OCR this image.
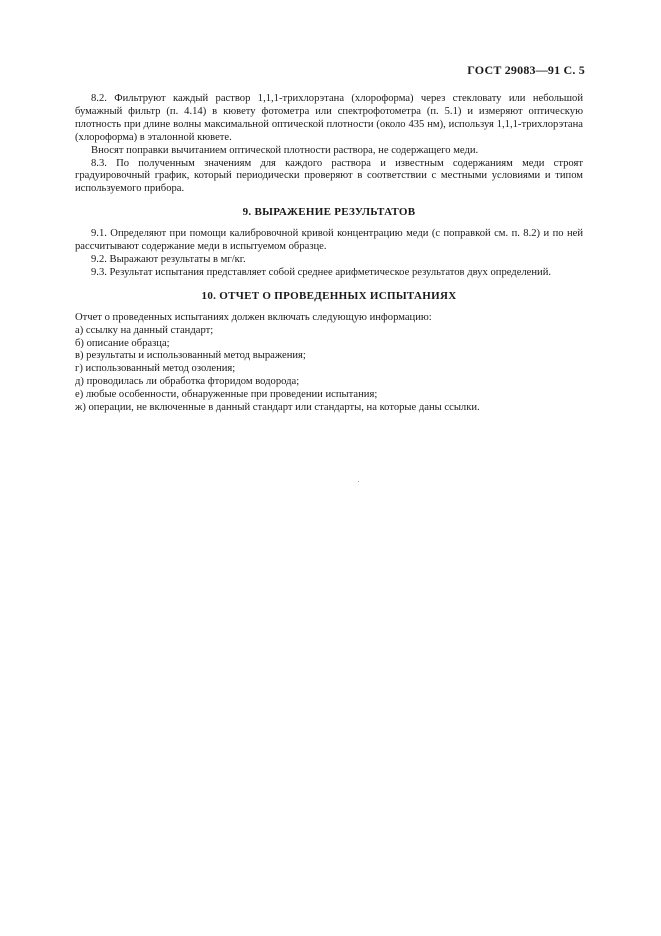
ГОСТ 29083—91 С. 5

8.2. Фильтруют каждый раствор 1,1,1-трихлорэтана (хлороформа) через стекловату или небольшой бумажный фильтр (п. 4.14) в кювету фотометра или спектрофотометра (п. 5.1) и измеряют оптическую плотность при длине волны максимальной оптической плотности (около 435 нм), используя 1,1,1-трихлорэтана (хлороформа) в эталонной кювете.

Вносят поправки вычитанием оптической плотности раствора, не содержащего меди.

8.3. По полученным значениям для каждого раствора и известным содержаниям меди строят градуировочный график, который периодически проверяют в соответствии с местными условиями и типом используемого прибора.

9. ВЫРАЖЕНИЕ РЕЗУЛЬТАТОВ

9.1. Определяют при помощи калибровочной кривой концентрацию меди (с поправкой см. п. 8.2) и по ней рассчитывают содержание меди в испытуемом образце.

9.2. Выражают результаты в мг/кг.

9.3. Результат испытания представляет собой среднее арифметическое результатов двух определений.

10. ОТЧЕТ О ПРОВЕДЕННЫХ ИСПЫТАНИЯХ

Отчет о проведенных испытаниях должен включать следующую информацию:

а) ссылку на данный стандарт;
б) описание образца;
в) результаты и использованный метод выражения;
г) использованный метод озоления;
д) проводилась ли обработка фторидом водорода;
е) любые особенности, обнаруженные при проведении испытания;
ж) операции, не включенные в данный стандарт или стандарты, на которые даны ссылки.
